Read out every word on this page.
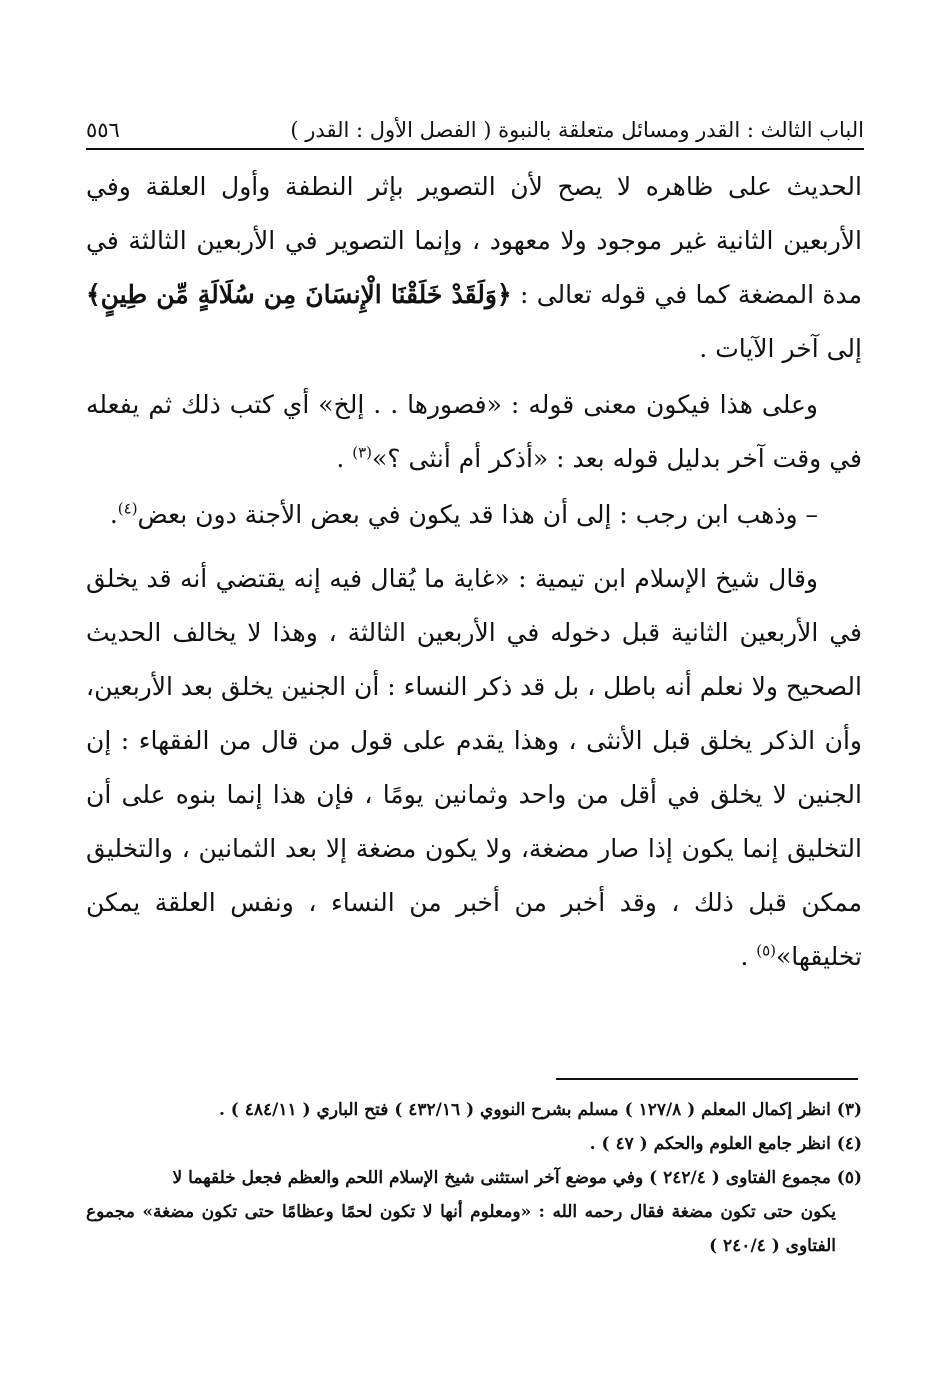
الباب الثالث : القدر ومسائل متعلقة بالنبوة ( الفصل الأول : القدر )
٥٥٦

الحديث على ظاهره لا يصح لأن التصوير بإثر النطفة وأول العلقة وفي الأربعين الثانية غير موجود ولا معهود ، وإنما التصوير في الأربعين الثالثة في مدة المضغة كما في قوله تعالى : ﴿وَلَقَدْ خَلَقْنَا الْإِنسَانَ مِن سُلَالَةٍ مِّن طِينٍ﴾ إلى آخر الآيات .

وعلى هذا فيكون معنى قوله : «فصورها . . إلخ» أي كتب ذلك ثم يفعله في وقت آخر بدليل قوله بعد : «أذكر أم أنثى ؟»$^{(٣)}$ .

– وذهب ابن رجب : إلى أن هذا قد يكون في بعض الأجنة دون بعض$^{(٤)}$.

وقال شيخ الإسلام ابن تيمية : «غاية ما يُقال فيه إنه يقتضي أنه قد يخلق في الأربعين الثانية قبل دخوله في الأربعين الثالثة ، وهذا لا يخالف الحديث الصحيح ولا نعلم أنه باطل ، بل قد ذكر النساء : أن الجنين يخلق بعد الأربعين، وأن الذكر يخلق قبل الأنثى ، وهذا يقدم على قول من قال من الفقهاء : إن الجنين لا يخلق في أقل من واحد وثمانين يومًا ، فإن هذا إنما بنوه على أن التخليق إنما يكون إذا صار مضغة، ولا يكون مضغة إلا بعد الثمانين ، والتخليق ممكن قبل ذلك ، وقد أخبر من أخبر من النساء ، ونفس العلقة يمكن تخليقها»$^{(٥)}$ .

(٣) انظر إكمال المعلم ( ١٢٧/٨ ) مسلم بشرح النووي ( ٤٣٢/١٦ ) فتح الباري ( ٤٨٤/١١ ) .

(٤) انظر جامع العلوم والحكم ( ٤٧ ) .

(٥) مجموع الفتاوى ( ٢٤٢/٤ ) وفي موضع آخر استثنى شيخ الإسلام اللحم والعظم فجعل خلقهما لا

يكون حتى تكون مضغة فقال رحمه الله : «ومعلوم أنها لا تكون لحمًا وعظامًا حتى تكون مضغة» مجموع الفتاوى ( ٢٤٠/٤ )
